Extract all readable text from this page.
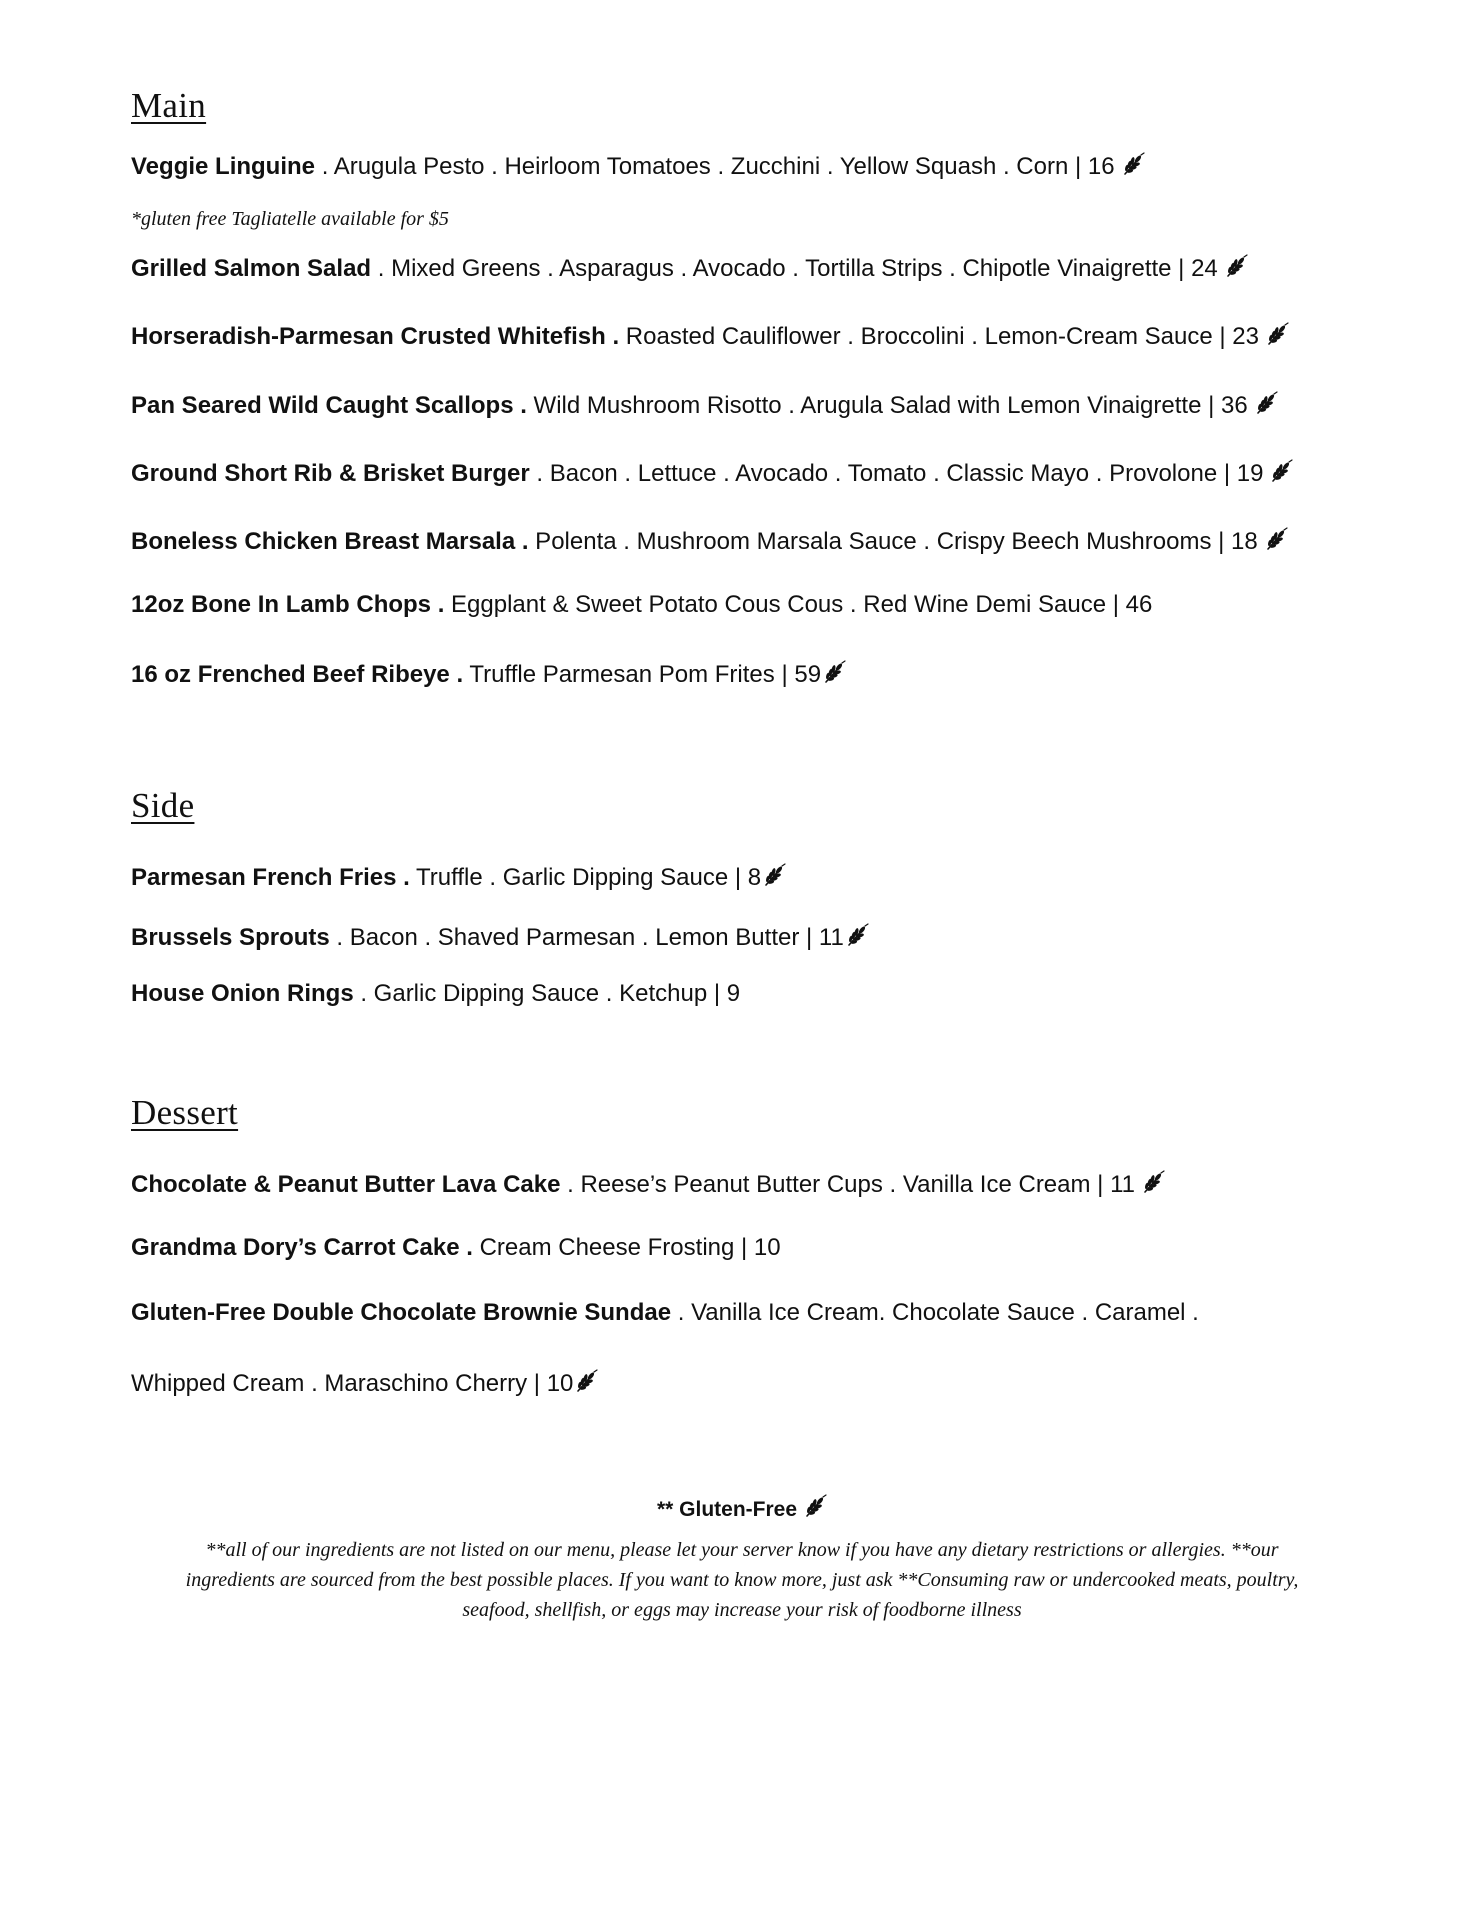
Main
Veggie Linguine . Arugula Pesto . Heirloom Tomatoes . Zucchini . Yellow Squash . Corn | 16
*gluten free Tagliatelle available for $5
Grilled Salmon Salad . Mixed Greens . Asparagus . Avocado . Tortilla Strips . Chipotle Vinaigrette | 24
Horseradish-Parmesan Crusted Whitefish . Roasted Cauliflower . Broccolini . Lemon-Cream Sauce | 23
Pan Seared Wild Caught Scallops . Wild Mushroom Risotto . Arugula Salad with Lemon Vinaigrette | 36
Ground Short Rib & Brisket Burger . Bacon . Lettuce . Avocado . Tomato . Classic Mayo . Provolone | 19
Boneless Chicken Breast Marsala . Polenta . Mushroom Marsala Sauce . Crispy Beech Mushrooms | 18
12oz Bone In Lamb Chops . Eggplant & Sweet Potato Cous Cous . Red Wine Demi Sauce | 46
16 oz Frenched Beef Ribeye . Truffle Parmesan Pom Frites | 59
Side
Parmesan French Fries . Truffle . Garlic Dipping Sauce | 8
Brussels Sprouts . Bacon . Shaved Parmesan . Lemon Butter | 11
House Onion Rings . Garlic Dipping Sauce . Ketchup | 9
Dessert
Chocolate & Peanut Butter Lava Cake . Reese’s Peanut Butter Cups . Vanilla Ice Cream | 11
Grandma Dory’s Carrot Cake . Cream Cheese Frosting | 10
Gluten-Free Double Chocolate Brownie Sundae . Vanilla Ice Cream. Chocolate Sauce . Caramel .
Whipped Cream . Maraschino Cherry | 10
** Gluten-Free
**all of our ingredients are not listed on our menu, please let your server know if you have any dietary restrictions or allergies. **our
ingredients are sourced from the best possible places. If you want to know more, just ask **Consuming raw or undercooked meats, poultry,
seafood, shellfish, or eggs may increase your risk of foodborne illness
